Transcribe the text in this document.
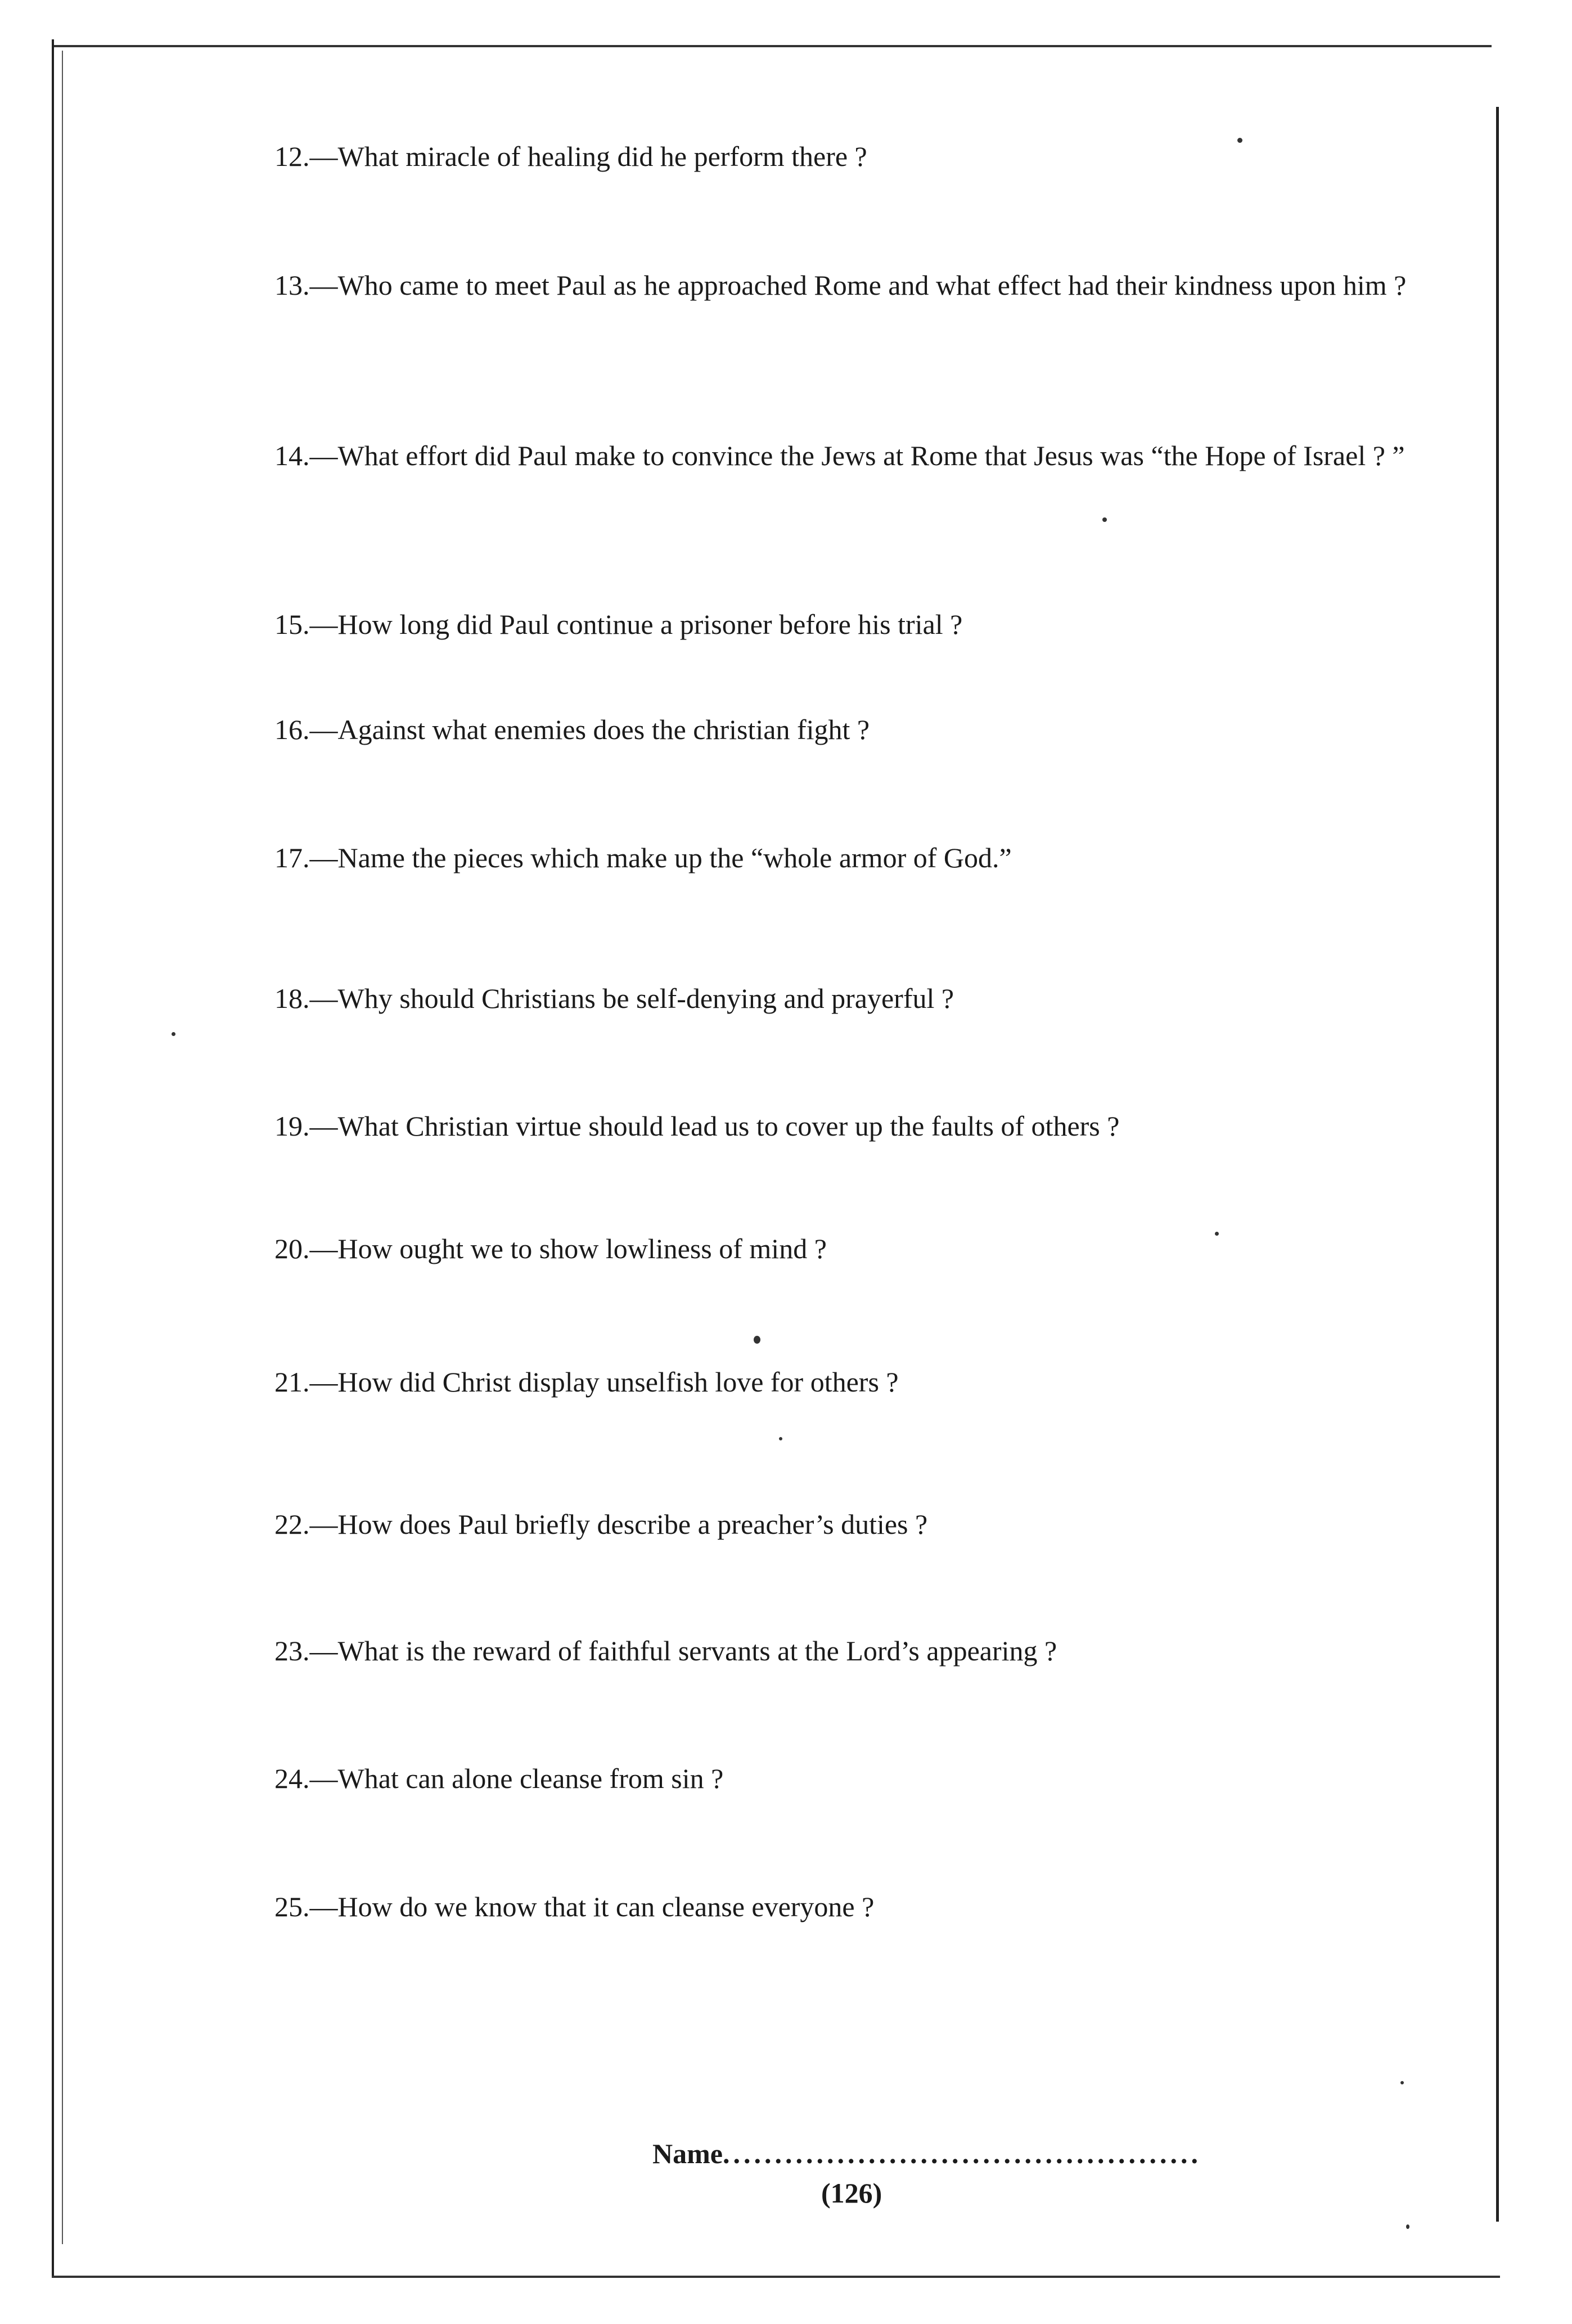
12.—What miracle of healing did he perform there ?
13.—Who came to meet Paul as he approached Rome and what effect had their kindness upon him ?
14.—What effort did Paul make to convince the Jews at Rome that Jesus was “the Hope of Israel ? ”
15.—How long did Paul continue a prisoner before his trial ?
16.—Against what enemies does the christian fight ?
17.—Name the pieces which make up the “whole armor of God.”
18.—Why should Christians be self-denying and prayerful ?
19.—What Christian virtue should lead us to cover up the faults of others ?
20.—How ought we to show lowliness of mind ?
21.—How did Christ display unselfish love for others ?
22.—How does Paul briefly describe a preacher’s duties ?
23.—What is the reward of faithful servants at the Lord’s appearing ?
24.—What can alone cleanse from sin ?
25.—How do we know that it can cleanse everyone ?
Name..............................................
(126)
